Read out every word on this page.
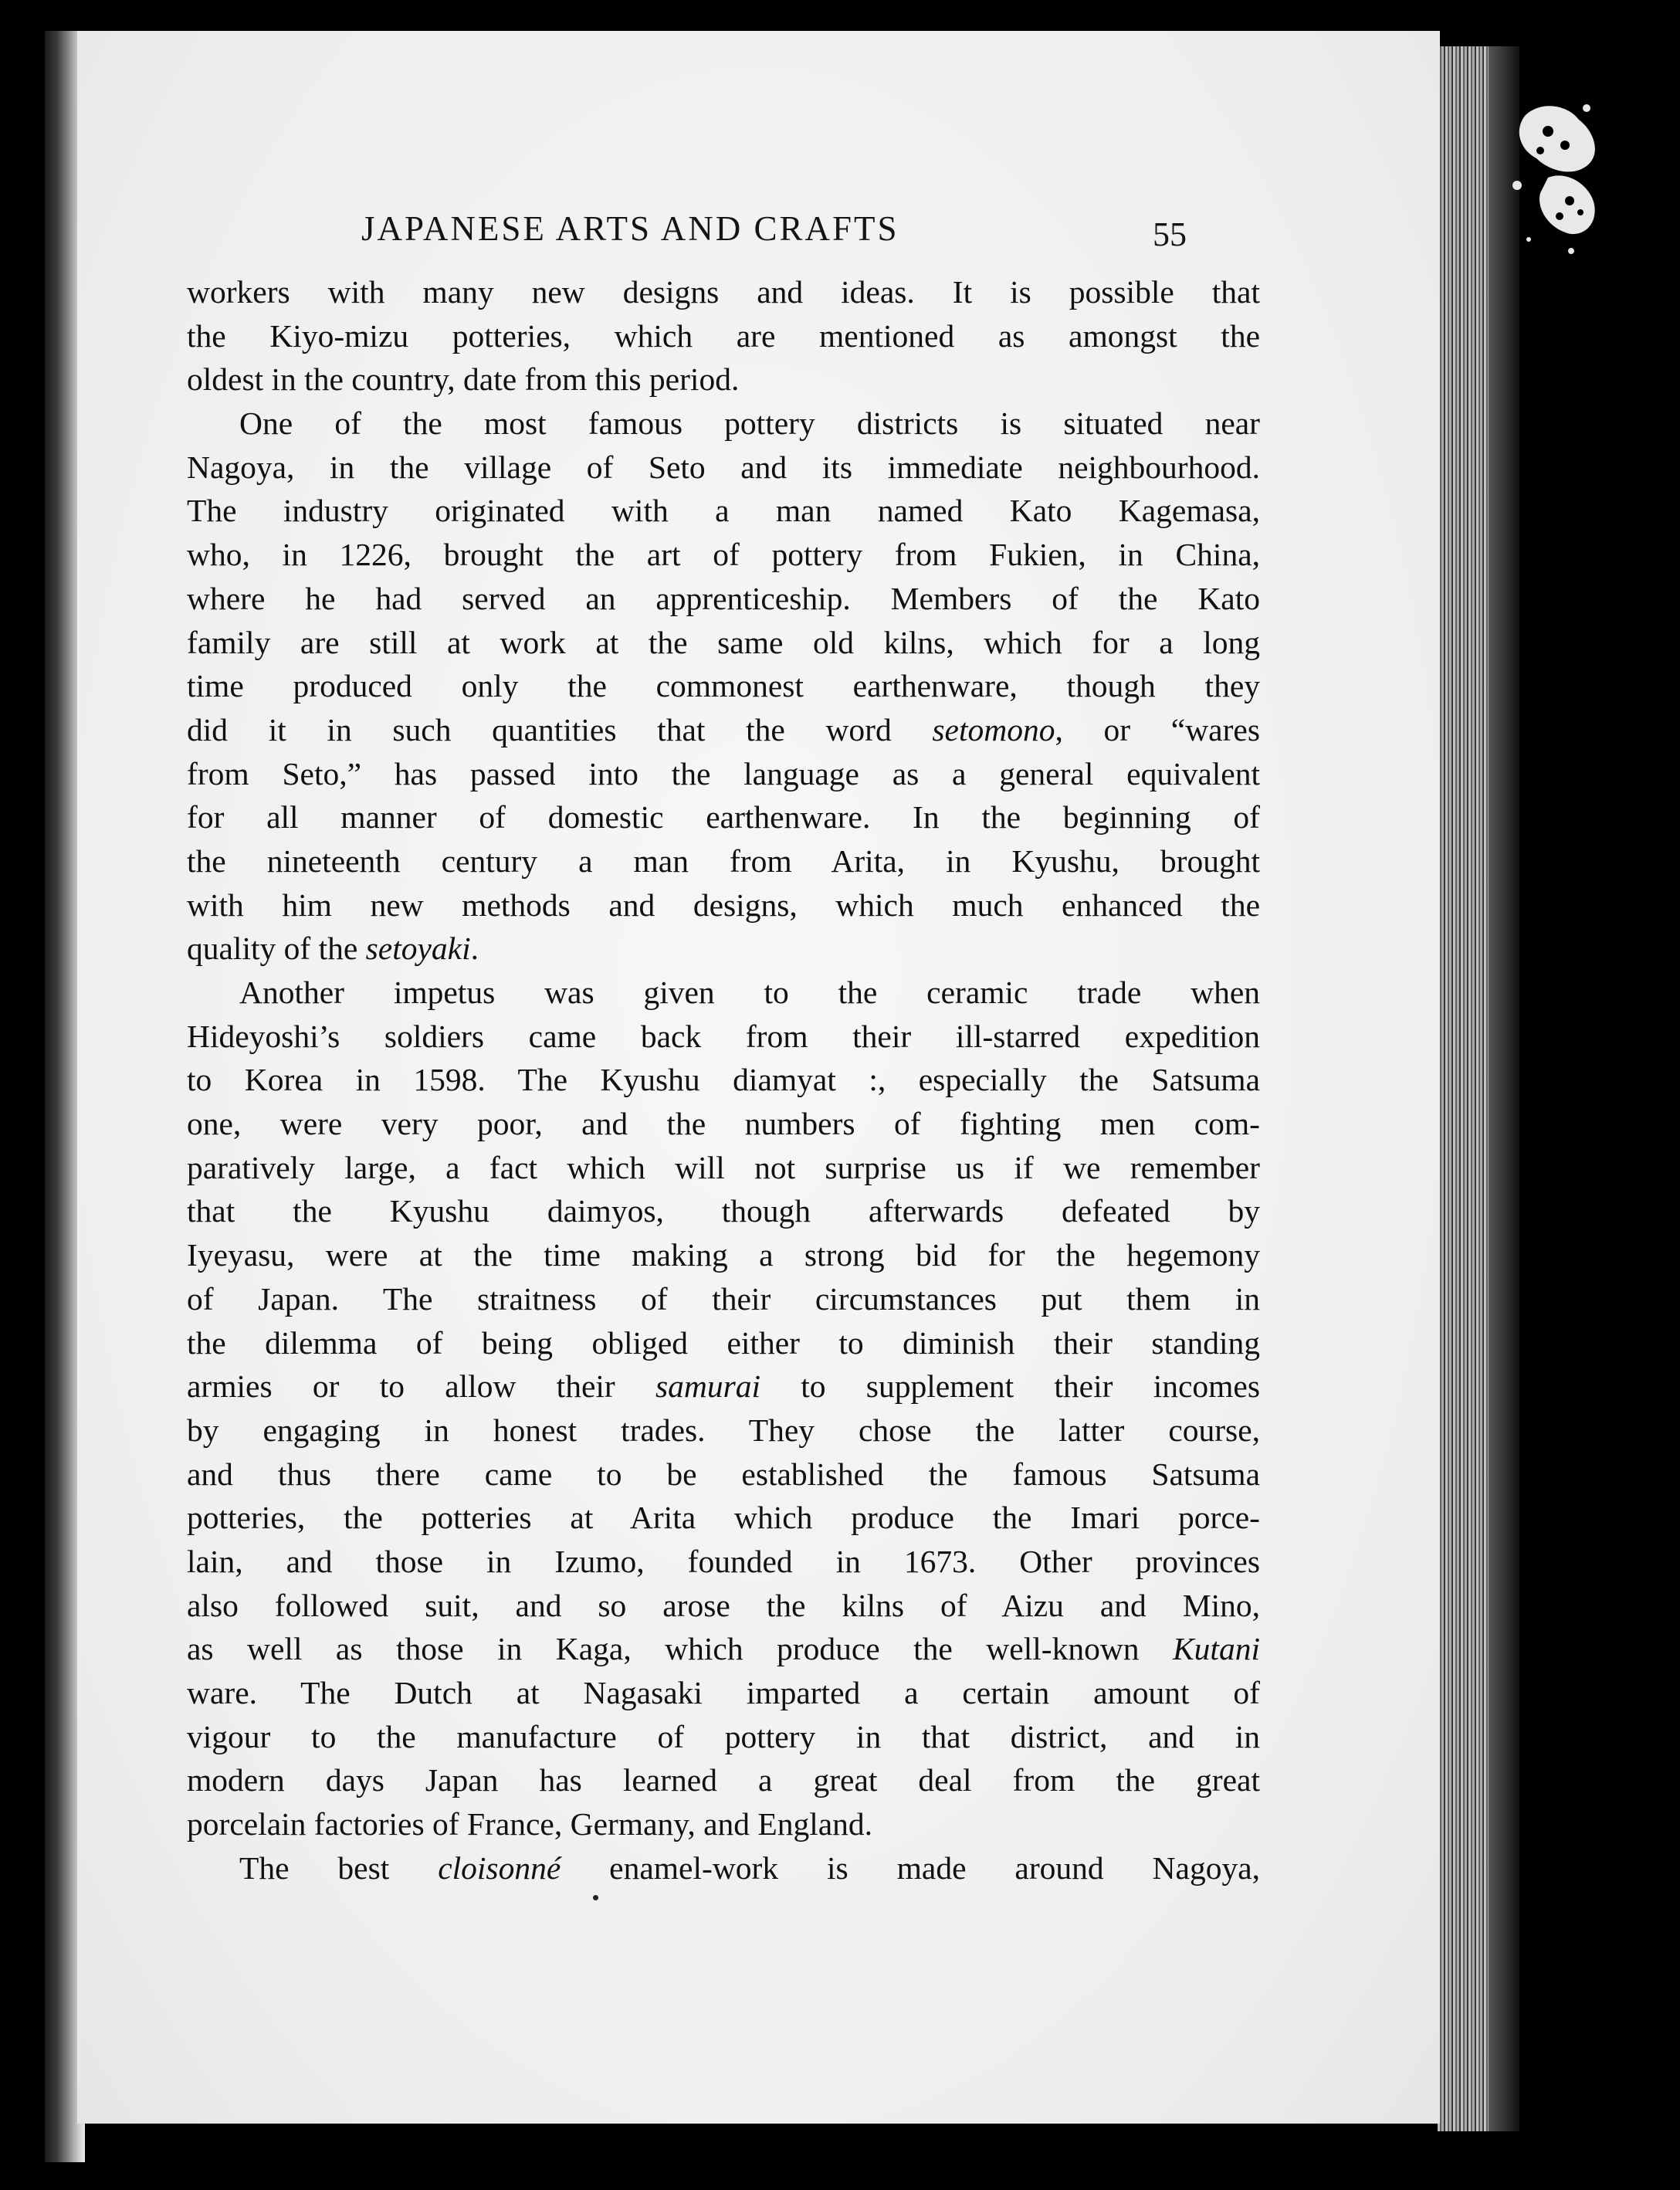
JAPANESE ARTS AND CRAFTS	55
workers with many new designs and ideas. It is possible that
the Kiyo-mizu potteries, which are mentioned as amongst the
oldest in the country, date from this period.
One of the most famous pottery districts is situated near
Nagoya, in the village of Seto and its immediate neighbourhood.
The industry originated with a man named Kato Kagemasa,
who, in 1226, brought the art of pottery from Fukien, in China,
where he had served an apprenticeship. Members of the Kato
family are still at work at the same old kilns, which for a long
time produced only the commonest earthenware, though they
did it in such quantities that the word setomono, or “wares
from Seto,” has passed into the language as a general equivalent
for all manner of domestic earthenware. In the beginning of
the nineteenth century a man from Arita, in Kyushu, brought
with him new methods and designs, which much enhanced the
quality of the setoyaki.
Another impetus was given to the ceramic trade when
Hideyoshi’s soldiers came back from their ill-starred expedition
to Korea in 1598. The Kyushu diamyat :, especially the Satsuma
one, were very poor, and the numbers of fighting men com-
paratively large, a fact which will not surprise us if we remember
that the Kyushu daimyos, though afterwards defeated by
Iyeyasu, were at the time making a strong bid for the hegemony
of Japan. The straitness of their circumstances put them in
the dilemma of being obliged either to diminish their standing
armies or to allow their samurai to supplement their incomes
by engaging in honest trades. They chose the latter course,
and thus there came to be established the famous Satsuma
potteries, the potteries at Arita which produce the Imari porce-
lain, and those in Izumo, founded in 1673. Other provinces
also followed suit, and so arose the kilns of Aizu and Mino,
as well as those in Kaga, which produce the well-known Kutani
ware. The Dutch at Nagasaki imparted a certain amount of
vigour to the manufacture of pottery in that district, and in
modern days Japan has learned a great deal from the great
porcelain factories of France, Germany, and England.
The best cloisonné enamel-work is made around Nagoya,
